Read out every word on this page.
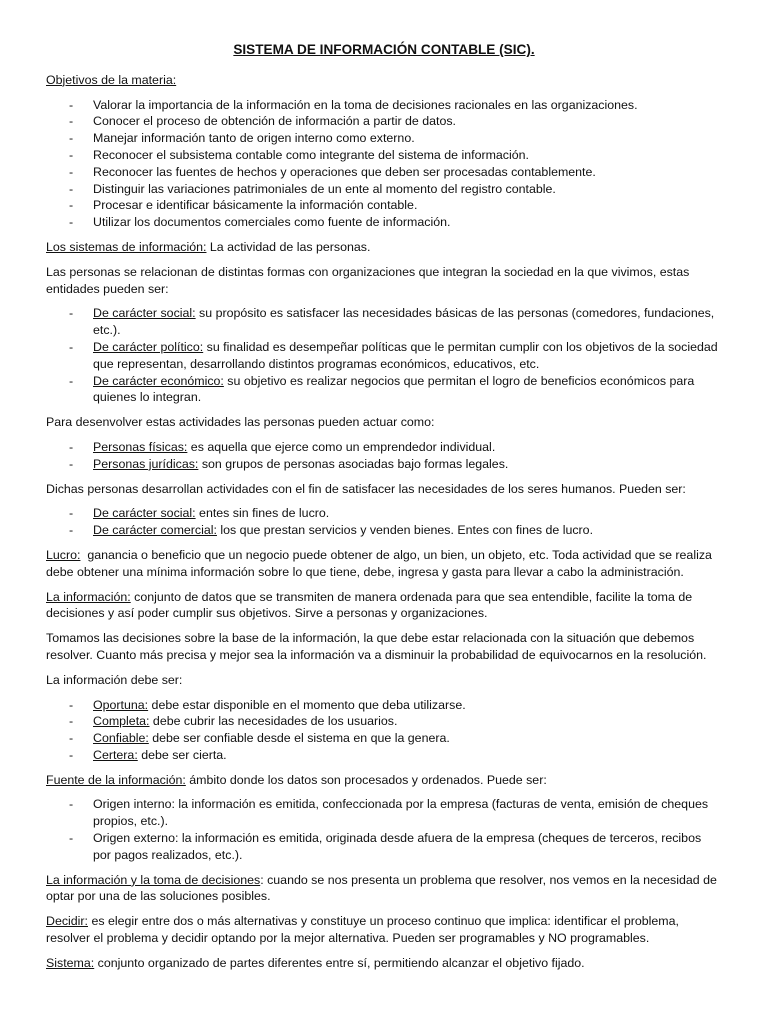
SISTEMA DE INFORMACIÓN CONTABLE (SIC).

Objetivos de la materia:

- Valorar la importancia de la información en la toma de decisiones racionales en las organizaciones.
- Conocer el proceso de obtención de información a partir de datos.
- Manejar información tanto de origen interno como externo.
- Reconocer el subsistema contable como integrante del sistema de información.
- Reconocer las fuentes de hechos y operaciones que deben ser procesadas contablemente.
- Distinguir las variaciones patrimoniales de un ente al momento del registro contable.
- Procesar e identificar básicamente la información contable.
- Utilizar los documentos comerciales como fuente de información.

Los sistemas de información: La actividad de las personas.

Las personas se relacionan de distintas formas con organizaciones que integran la sociedad en la que vivimos, estas entidades pueden ser:

- De carácter social: su propósito es satisfacer las necesidades básicas de las personas (comedores, fundaciones, etc.).
- De carácter político: su finalidad es desempeñar políticas que le permitan cumplir con los objetivos de la sociedad que representan, desarrollando distintos programas económicos, educativos, etc.
- De carácter económico: su objetivo es realizar negocios que permitan el logro de beneficios económicos para quienes lo integran.

Para desenvolver estas actividades las personas pueden actuar como:

- Personas físicas: es aquella que ejerce como un emprendedor individual.
- Personas jurídicas: son grupos de personas asociadas bajo formas legales.

Dichas personas desarrollan actividades con el fin de satisfacer las necesidades de los seres humanos. Pueden ser:

- De carácter social: entes sin fines de lucro.
- De carácter comercial: los que prestan servicios y venden bienes. Entes con fines de lucro.

Lucro:  ganancia o beneficio que un negocio puede obtener de algo, un bien, un objeto, etc. Toda actividad que se realiza debe obtener una mínima información sobre lo que tiene, debe, ingresa y gasta para llevar a cabo la administración.

La información: conjunto de datos que se transmiten de manera ordenada para que sea entendible, facilite la toma de decisiones y así poder cumplir sus objetivos. Sirve a personas y organizaciones.

Tomamos las decisiones sobre la base de la información, la que debe estar relacionada con la situación que debemos resolver. Cuanto más precisa y mejor sea la información va a disminuir la probabilidad de equivocarnos en la resolución.

La información debe ser:

- Oportuna: debe estar disponible en el momento que deba utilizarse.
- Completa: debe cubrir las necesidades de los usuarios.
- Confiable: debe ser confiable desde el sistema en que la genera.
- Certera: debe ser cierta.

Fuente de la información: ámbito donde los datos son procesados y ordenados. Puede ser:

- Origen interno: la información es emitida, confeccionada por la empresa (facturas de venta, emisión de cheques propios, etc.).
- Origen externo: la información es emitida, originada desde afuera de la empresa (cheques de terceros, recibos por pagos realizados, etc.).

La información y la toma de decisiones: cuando se nos presenta un problema que resolver, nos vemos en la necesidad de optar por una de las soluciones posibles.

Decidir: es elegir entre dos o más alternativas y constituye un proceso continuo que implica: identificar el problema, resolver el problema y decidir optando por la mejor alternativa. Pueden ser programables y NO programables.

Sistema: conjunto organizado de partes diferentes entre sí, permitiendo alcanzar el objetivo fijado.
